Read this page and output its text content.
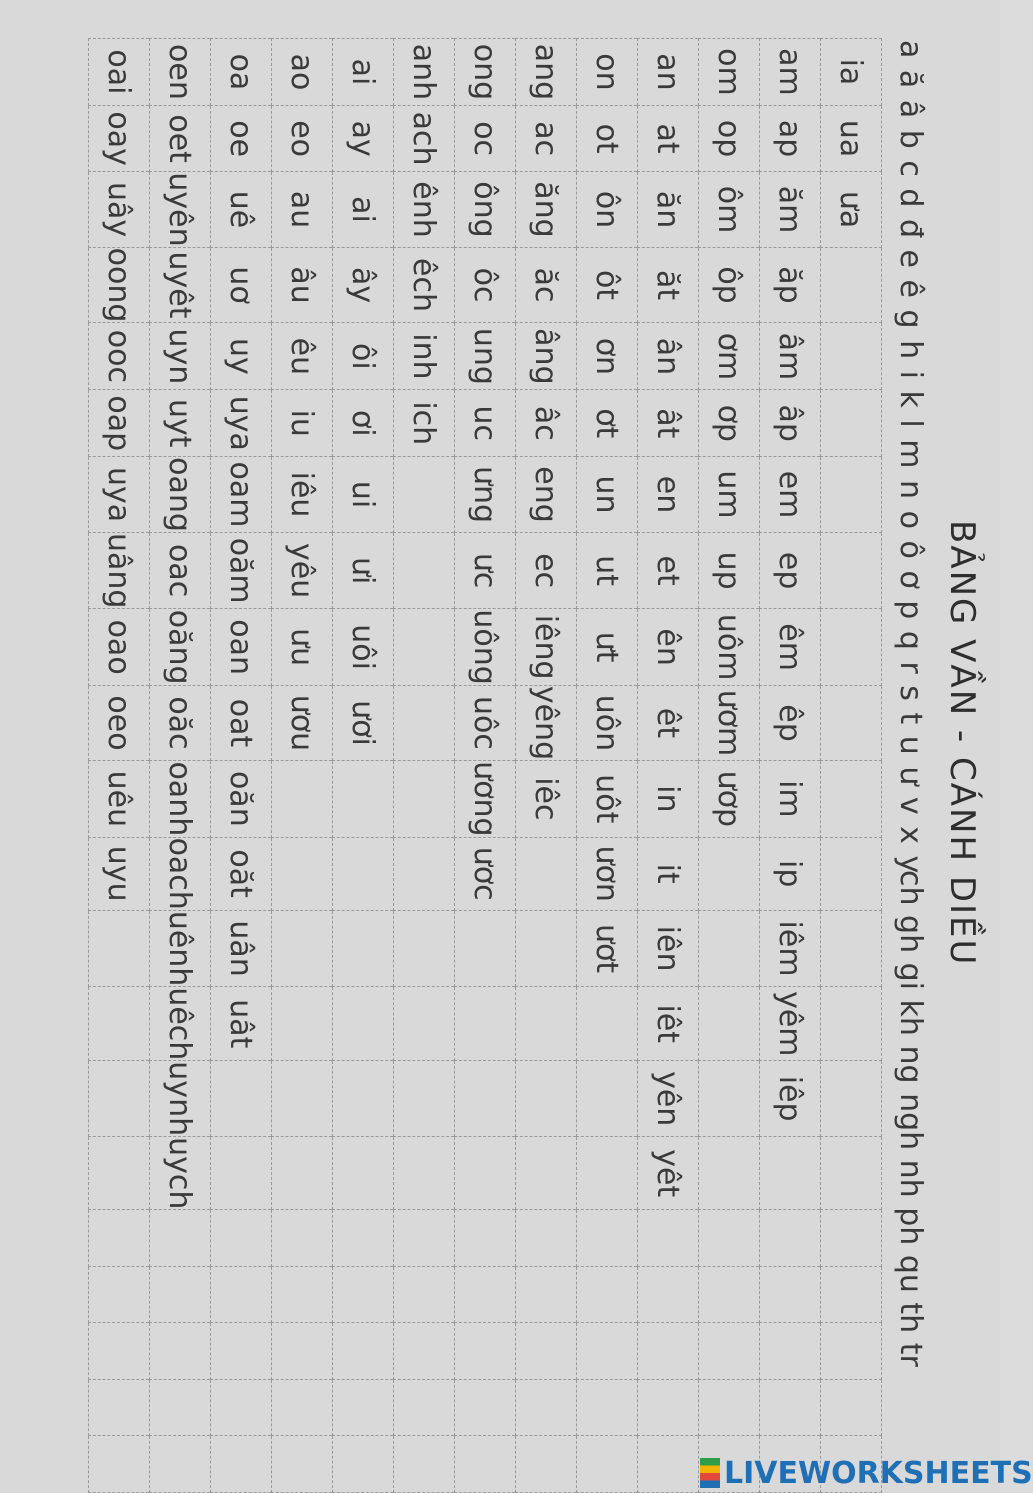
BẢNG VẦN - CÁNH DIỀU
a ă â b c d đ e ê g h i k l m n o ô ơ p q r s t u ư v x y
ch gh gi kh ng ngh nh ph qu th tr
ia	ua	ưa																		
am	ap	ăm	ăp	âm	âp	em	ep	êm	êp	im	ip	iêm	yêm	iêp						
om	op	ôm	ôp	ơm	ơp	um	up	uôm	ươm	ươp										
an	at	ăn	ăt	ân	ât	en	et	ên	êt	in	it	iên	iêt	yên	yêt					
on	ot	ôn	ôt	ơn	ơt	un	ut	ưt	uôn	uôt	ươn	ươt								
ang	ac	ăng	ăc	âng	âc	eng	ec	iêng	yêng	iêc										
ong	oc	ông	ôc	ung	uc	ưng	ưc	uông	uôc	ương	ươc									
anh	ach	ênh	êch	inh	ich															
ai	ay	ai	ây	ôi	ơi	ui	ưi	uôi	ươi											
ao	eo	au	âu	êu	iu	iêu	yêu	ưu	ươu											
oa	oe	uê	uơ	uy	uya	oam	oăm	oan	oat	oăn	oăt	uân	uât							
oen	oet	uyên	uyêt	uyn	uyt	oang	oac	oăng	oăc	oanh	oach	uênh	uêch	uynh	uych					
oai	oay	uây	oong	ooc	oap	uya	uâng	oao	oeo	uêu	uyu									
LIVEWORKSHEETS
